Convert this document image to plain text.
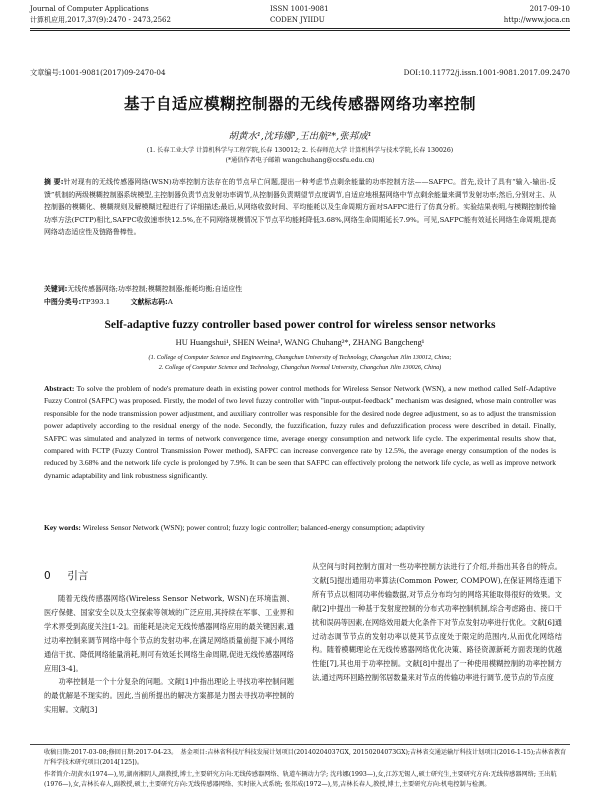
Journal of Computer Applications
计算机应用,2017,37(9):2470 - 2473,2562
ISSN 1001-9081
CODEN JYIIDU
2017-09-10
http://www.joca.cn
文章编号:1001-9081(2017)09-2470-04	DOI:10.11772/j.issn.1001-9081.2017.09.2470
基于自适应模糊控制器的无线传感器网络功率控制
胡黄水¹,沈玮娜¹,王出航²*,张邦成¹
(1. 长春工业大学 计算机科学与工程学院,长春 130012; 2. 长春师范大学 计算机科学与技术学院,长春 130026)
(*通信作者电子邮箱 wangchuhang@ccsfu.edu.cn)
摘 要:针对现有的无线传感器网络(WSN)功率控制方法存在的节点早亡问题,提出一种考虑节点剩余能量的功率控制方法——SAFPC。首先,设计了具有“输入-输出-反馈”机制的两级模糊控制器系统模型,主控制器负责节点发射功率调节,从控制器负责期望节点度调节,自适应地根据网络中节点剩余能量来调节发射功率;然后,分别对主、从控制器的模糊化、模糊规则及解模糊过程进行了详细描述;最后,从网络收敛时间、平均能耗以及生命周期方面对SAFPC进行了仿真分析。实验结果表明,与模糊控制传输功率方法(FCTP)相比,SAFPC收敛速率快12.5%,在不同网络规模情况下节点平均能耗降低3.68%,网络生命周期延长7.9%。可见,SAFPC能有效延长网络生命周期,提高网络动态适应性及链路鲁棒性。
关键词:无线传感器网络;功率控制;模糊控制器;能耗均衡;自适应性
中图分类号:TP393.1	文献标志码:A
Self-adaptive fuzzy controller based power control for wireless sensor networks
HU Huangshui¹, SHEN Weina¹, WANG Chuhang²*, ZHANG Bangcheng¹
(1. College of Computer Science and Engineering, Changchun University of Technology, Changchun Jilin 130012, China;
2. College of Computer Science and Technology, Changchun Normal University, Changchun Jilin 130026, China)
Abstract: To solve the problem of node's premature death in existing power control methods for Wireless Sensor Network (WSN), a new method called Self-Adaptive Fuzzy Control (SAFPC) was proposed. Firstly, the model of two level fuzzy controller with "input-output-feedback" mechanism was designed, whose main controller was responsible for the node transmission power adjustment, and auxiliary controller was responsible for the desired node degree adjustment, so as to adjust the transmission power adaptively according to the residual energy of the node. Secondly, the fuzzification, fuzzy rules and defuzzification process were described in detail. Finally, SAFPC was simulated and analyzed in terms of network convergence time, average energy consumption and network life cycle. The experimental results show that, compared with FCTP (Fuzzy Control Transmission Power method), SAFPC can increase convergence rate by 12.5%, the average energy consumption of the nodes is reduced by 3.68% and the network life cycle is prolonged by 7.9%. It can be seen that SAFPC can effectively prolong the network life cycle, as well as improve network dynamic adaptability and link robustness significantly.
Key words: Wireless Sensor Network (WSN); power control; fuzzy logic controller; balanced-energy consumption; adaptivity
0 引言
随着无线传感器网络(Wireless Sensor Network, WSN)在环境监测、医疗保健、国家安全以及太空探索等领域的广泛应用,其持续在军事、工业界和学术界受到高度关注[1-2]。而能耗是决定无线传感器网络应用的最关键因素,通过功率控制来调节网络中每个节点的发射功率,在满足网络质量前提下减小网络通信干扰、降低网络能量消耗,则可有效延长网络生命周期,促进无线传感器网络应用[3-4]。
　　功率控制是一个十分复杂的问题。文献[1]中指出理论上寻找功率控制问题的最优解是不现实的。因此,当前所提出的解决方案都是力图去寻找功率控制的实用解。文献[3]
从空间与时间控制方面对一些功率控制方法进行了介绍,并指出其各自的特点。文献[5]提出通用功率算法(Common Power, COMPOW),在保证网络连通下所有节点以相同功率传输数据,对节点分布均匀的网络其能取得很好的效果。文献[2]中提出一种基于发射度控制的分布式功率控制机制,综合考虑路由、接口干扰和误码等因素,在网络效用最大化条件下对节点发射功率进行优化。文献[6]通过动态调节节点的发射功率以使其节点度处于限定的范围内,从而优化网络结构。随着模糊理论在无线传感器网络优化决策、路径资源新耗方面表现的优越性能[7],其也用于功率控制。文献[8]中提出了一种使用模糊控制的功率控制方法,通过两环回路控制邻居数量来对节点的传输功率进行调节,使节点的节点度
收稿日期:2017-03-08;修回日期:2017-04-23。　基金项目:吉林省科技厅科技发展计划项目(20140204037GX, 20150204073GX);吉林省交通运输厅科技计划项目(2016-1-15);吉林省教育厅科学技术研究项目(2014[125])。
作者简介:胡黄水(1974—),男,湖南湘阴人,副教授,博士,主要研究方向:无线传感器网络、轨道车辆动力学; 沈玮娜(1993—),女,江苏无锡人,硕士研究生,主要研究方向:无线传感器网络; 王出航(1976—),女,吉林长春人,副教授,硕士,主要研究方向:无线传感器网络、实时嵌入式系统; 张邦成(1972—),男,吉林长春人,教授,博士,主要研究方向:机电控制与检测。
